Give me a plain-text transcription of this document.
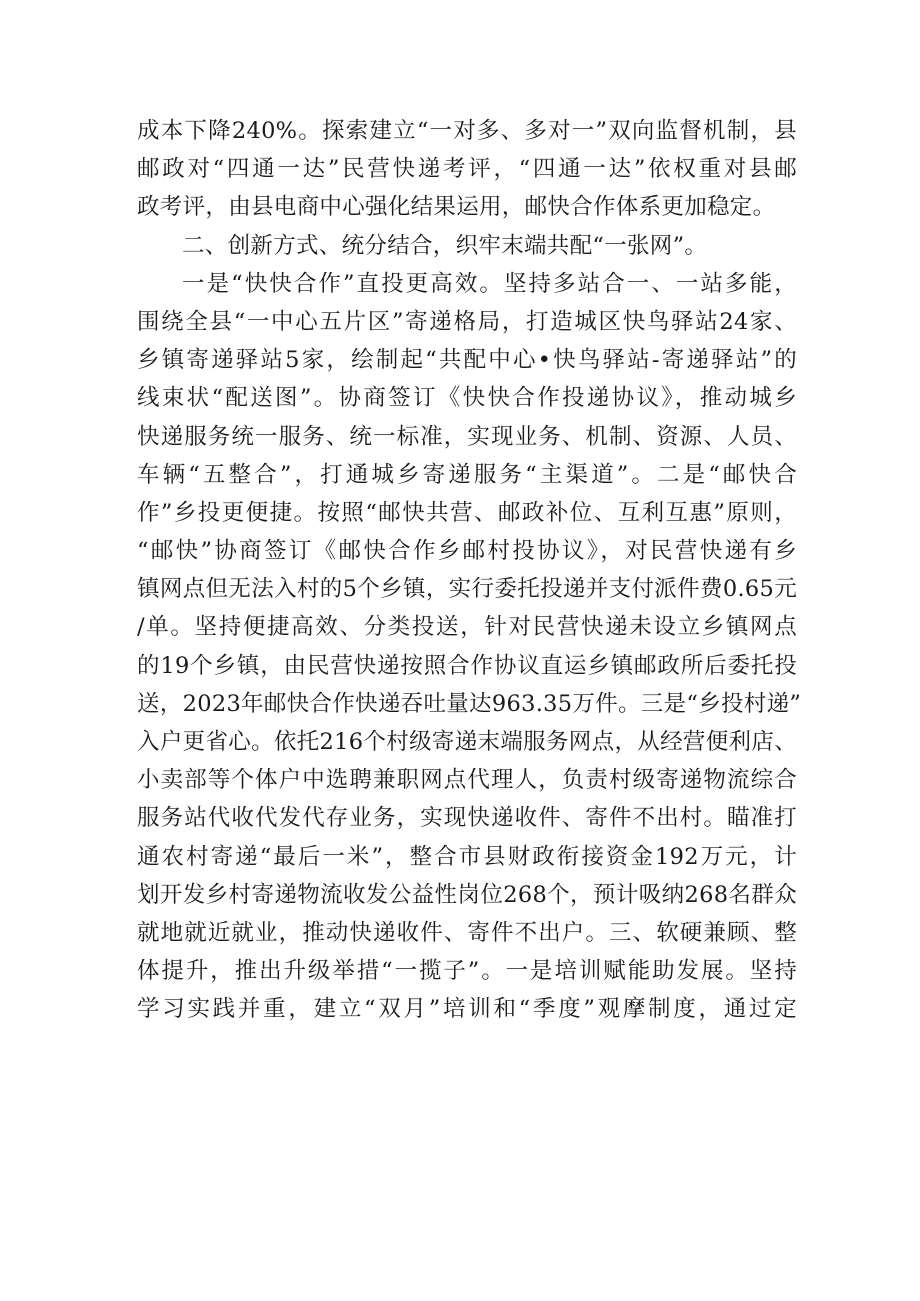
成本下降240%。探索建立“一对多、多对一”双向监督机制，县
邮政对“四通一达”民营快递考评，“四通一达”依权重对县邮
政考评，由县电商中心强化结果运用，邮快合作体系更加稳定。
二、创新方式、统分结合，织牢末端共配“一张网”。
一是“快快合作”直投更高效。坚持多站合一、一站多能，
围绕全县“一中心五片区”寄递格局，打造城区快鸟驿站24家、
乡镇寄递驿站5家，绘制起“共配中心•快鸟驿站-寄递驿站”的
线束状“配送图”。协商签订《快快合作投递协议》，推动城乡
快递服务统一服务、统一标准，实现业务、机制、资源、人员、
车辆“五整合”，打通城乡寄递服务“主渠道”。二是“邮快合
作”乡投更便捷。按照“邮快共营、邮政补位、互利互惠”原则，
“邮快”协商签订《邮快合作乡邮村投协议》，对民营快递有乡
镇网点但无法入村的5个乡镇，实行委托投递并支付派件费0.65元
/单。坚持便捷高效、分类投送，针对民营快递未设立乡镇网点
的19个乡镇，由民营快递按照合作协议直运乡镇邮政所后委托投
送，2023年邮快合作快递吞吐量达963.35万件。三是“乡投村递”
入户更省心。依托216个村级寄递末端服务网点，从经营便利店、
小卖部等个体户中选聘兼职网点代理人，负责村级寄递物流综合
服务站代收代发代存业务，实现快递收件、寄件不出村。瞄准打
通农村寄递“最后一米”，整合市县财政衔接资金192万元，计
划开发乡村寄递物流收发公益性岗位268个，预计吸纳268名群众
就地就近就业，推动快递收件、寄件不出户。三、软硬兼顾、整
体提升，推出升级举措“一揽子”。一是培训赋能助发展。坚持
学习实践并重，建立“双月”培训和“季度”观摩制度，通过定
